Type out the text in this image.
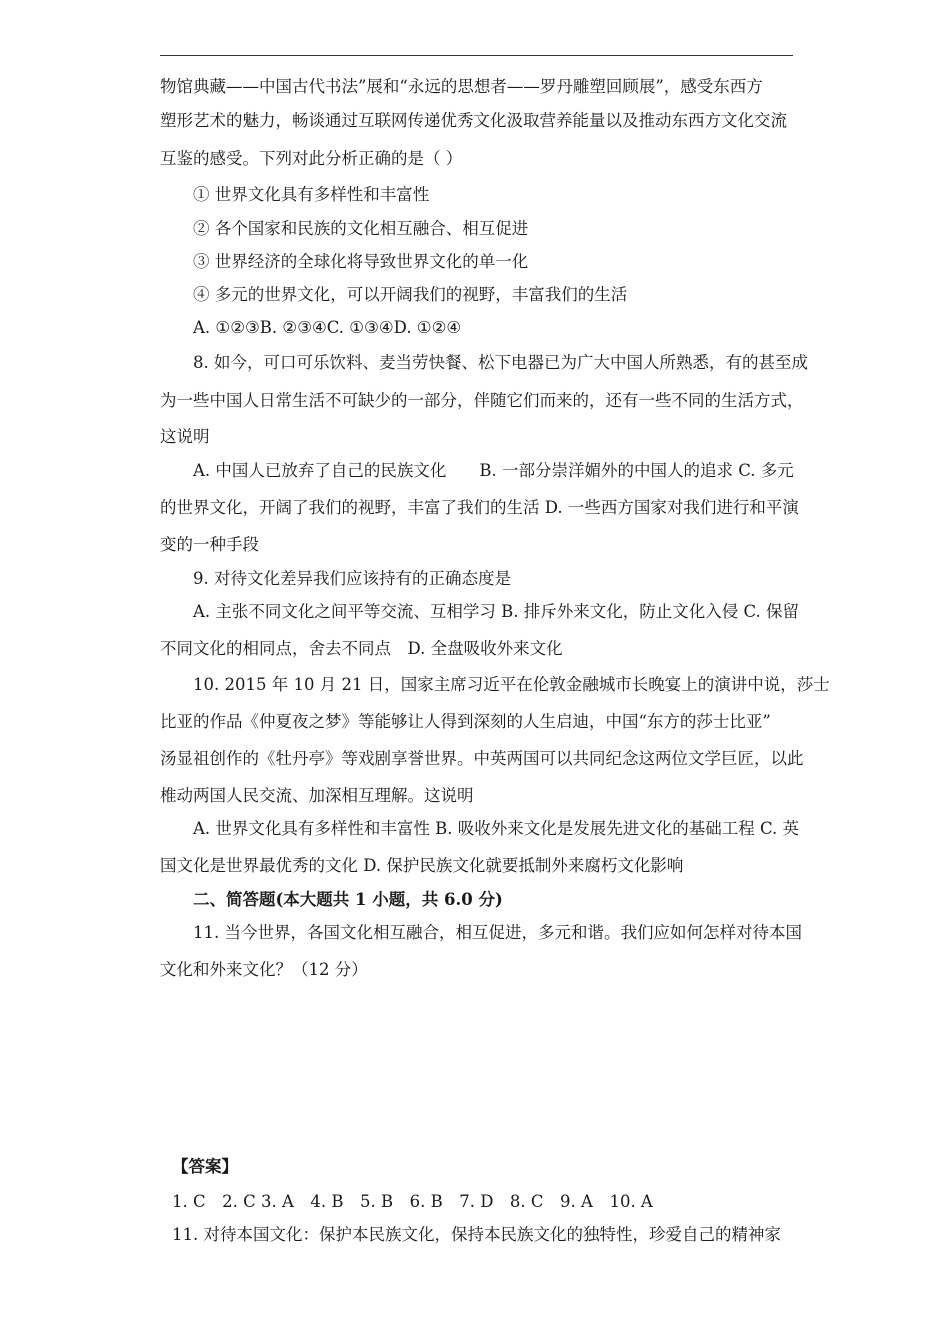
物馆典藏——中国古代书法”展和“永远的思想者——罗丹雕塑回顾展”，感受东西方
塑形艺术的魅力，畅谈通过互联网传递优秀文化汲取营养能量以及推动东西方文化交流
互鉴的感受。下列对此分析正确的是（ ）
① 世界文化具有多样性和丰富性
② 各个国家和民族的文化相互融合、相互促进
③ 世界经济的全球化将导致世界文化的单一化
④ 多元的世界文化，可以开阔我们的视野，丰富我们的生活
A. ①②③B. ②③④C. ①③④D. ①②④
8. 如今，可口可乐饮料、麦当劳快餐、松下电器已为广大中国人所熟悉，有的甚至成
为一些中国人日常生活不可缺少的一部分，伴随它们而来的，还有一些不同的生活方式，
这说明
A. 中国人已放弃了自己的民族文化　　B. 一部分崇洋媚外的中国人的追求 C. 多元
的世界文化，开阔了我们的视野，丰富了我们的生活 D. 一些西方国家对我们进行和平演
变的一种手段
9. 对待文化差异我们应该持有的正确态度是
A. 主张不同文化之间平等交流、互相学习 B. 排斥外来文化，防止文化入侵 C. 保留
不同文化的相同点，舍去不同点　D. 全盘吸收外来文化
10. 2015 年 10 月 21 日，国家主席习近平在伦敦金融城市长晚宴上的演讲中说，莎士
比亚的作品《仲夏夜之梦》等能够让人得到深刻的人生启迪，中国“东方的莎士比亚”
汤显祖创作的《牡丹亭》等戏剧享誉世界。中英两国可以共同纪念这两位文学巨匠，以此
椎动两国人民交流、加深相互理解。这说明
A. 世界文化具有多样性和丰富性 B. 吸收外来文化是发展先进文化的基础工程 C. 英
国文化是世界最优秀的文化 D. 保护民族文化就要抵制外来腐朽文化影响
二、简答题(本大题共 1 小题，共 6.0 分)
11. 当今世界，各国文化相互融合，相互促进，多元和谐。我们应如何怎样对待本国
文化和外来文化？（12 分）
【答案】
1. C　2. C 3. A　4. B　5. B　6. B　7. D　8. C　9. A　10. A
11. 对待本国文化：保护本民族文化，保持本民族文化的独特性，珍爱自己的精神家
